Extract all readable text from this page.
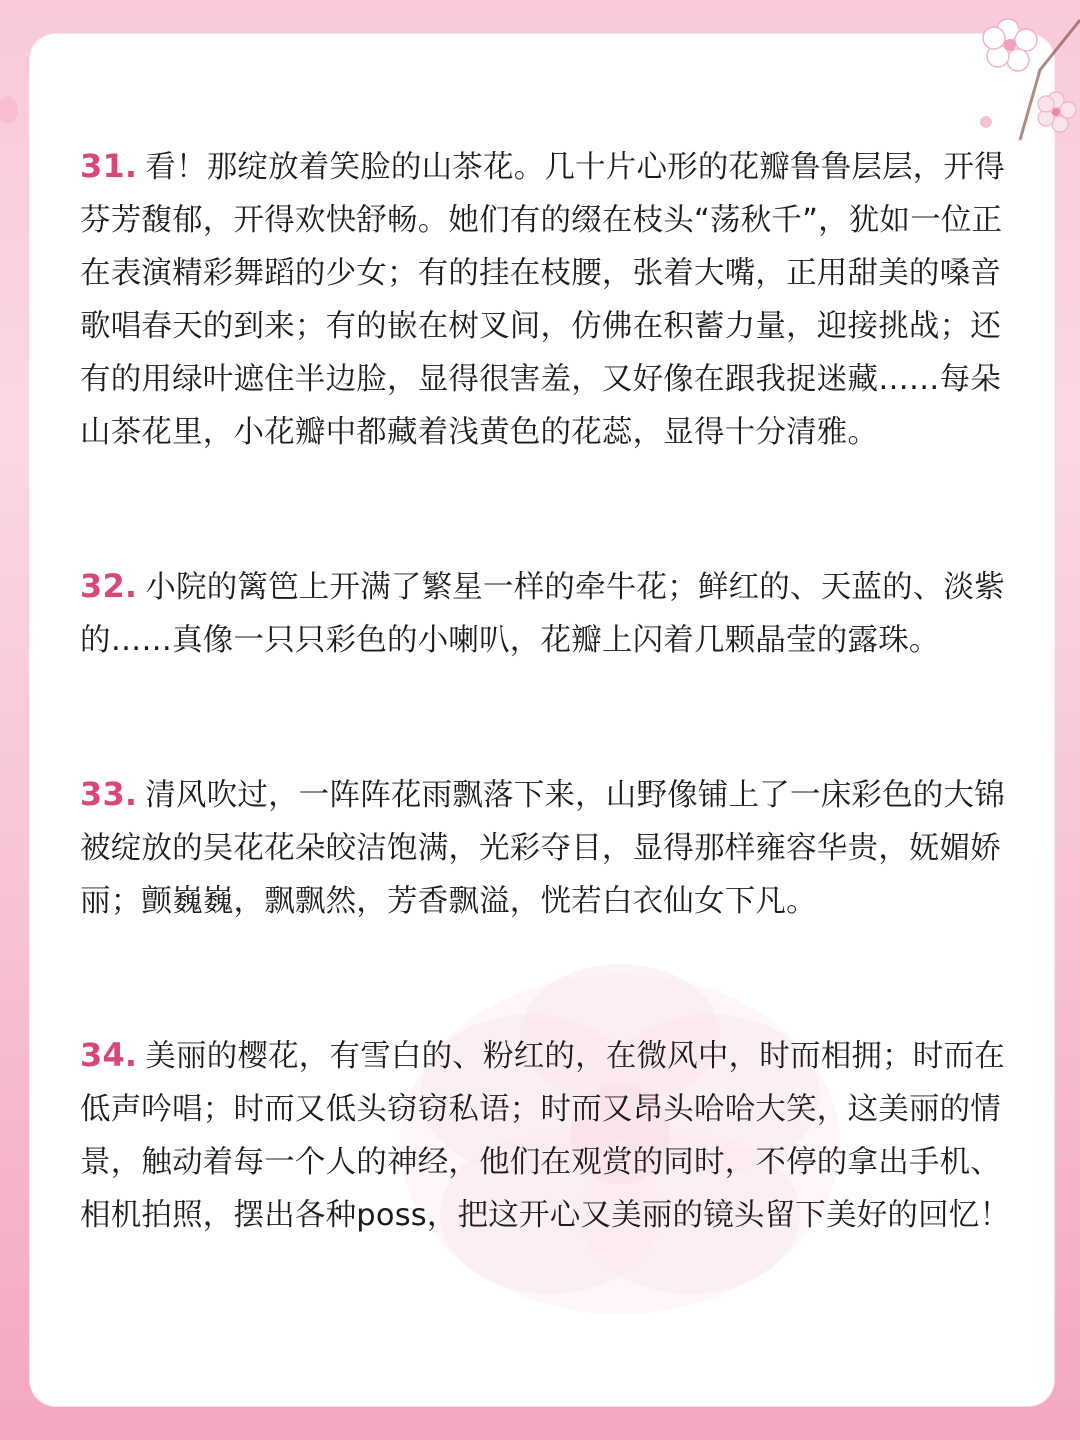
31. 看！那绽放着笑脸的山茶花。几十片心形的花瓣鲁鲁层层，开得芬芳馥郁，开得欢快舒畅。她们有的缀在枝头“荡秋千”，犹如一位正在表演精彩舞蹈的少女；有的挂在枝腰，张着大嘴，正用甜美的嗓音歌唱春天的到来；有的嵌在树叉间，仿佛在积蓄力量，迎接挑战；还有的用绿叶遮住半边脸，显得很害羞，又好像在跟我捉迷藏……每朵山茶花里，小花瓣中都藏着浅黄色的花蕊，显得十分清雅。

32. 小院的篱笆上开满了繁星一样的牵牛花；鲜红的、天蓝的、淡紫的……真像一只只彩色的小喇叭，花瓣上闪着几颗晶莹的露珠。

33. 清风吹过，一阵阵花雨飘落下来，山野像铺上了一床彩色的大锦被绽放的吴花花朵皎洁饱满，光彩夺目，显得那样雍容华贵，妩媚娇丽；颤巍巍，飘飘然，芳香飘溢，恍若白衣仙女下凡。

34. 美丽的樱花，有雪白的、粉红的，在微风中，时而相拥；时而在低声吟唱；时而又低头窃窃私语；时而又昂头哈哈大笑，这美丽的情景，触动着每一个人的神经，他们在观赏的同时，不停的拿出手机、相机拍照，摆出各种poss，把这开心又美丽的镜头留下美好的回忆！
